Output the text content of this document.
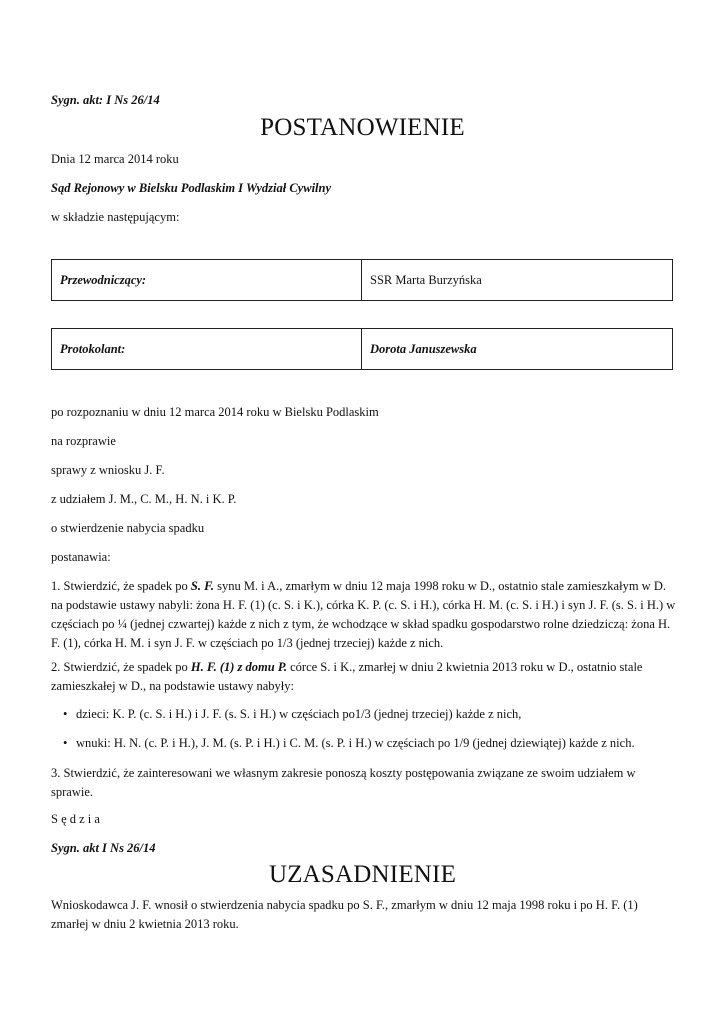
Sygn. akt: I Ns 26/14
POSTANOWIENIE
Dnia 12 marca 2014 roku
Sąd Rejonowy w Bielsku Podlaskim I Wydział Cywilny
w składzie następującym:
Przewodniczący:	SSR Marta Burzyńska
Protokolant:	Dorota Januszewska
po rozpoznaniu w dniu 12 marca 2014 roku w Bielsku Podlaskim
na rozprawie
sprawy z wniosku J. F.
z udziałem J. M., C. M., H. N. i K. P.
o stwierdzenie nabycia spadku
postanawia:
1. Stwierdzić, że spadek po S. F. synu M. i A., zmarłym w dniu 12 maja 1998 roku w D., ostatnio stale zamieszkałym w D. na podstawie ustawy nabyli: żona H. F. (1) (c. S. i K.), córka K. P. (c. S. i H.), córka H. M. (c. S. i H.) i syn J. F. (s. S. i H.) w częściach po ¼ (jednej czwartej) każde z nich z tym, że wchodzące w skład spadku gospodarstwo rolne dziedziczą: żona H. F. (1), córka H. M. i syn J. F. w częściach po 1/3 (jednej trzeciej) każde z nich.
2. Stwierdzić, że spadek po H. F. (1) z domu P. córce S. i K., zmarłej w dniu 2 kwietnia 2013 roku w D., ostatnio stale zamieszkałej w D., na podstawie ustawy nabyły:
• dzieci: K. P. (c. S. i H.) i J. F. (s. S. i H.) w częściach po1/3 (jednej trzeciej) każde z nich,
• wnuki: H. N. (c. P. i H.), J. M. (s. P. i H.) i C. M. (s. P. i H.) w częściach po 1/9 (jednej dziewiątej) każde z nich.
3. Stwierdzić, że zainteresowani we własnym zakresie ponoszą koszty postępowania związane ze swoim udziałem w sprawie.
S ę d z i a
Sygn. akt I Ns 26/14
UZASADNIENIE
Wnioskodawca J. F. wnosił o stwierdzenia nabycia spadku po S. F., zmarłym w dniu 12 maja 1998 roku i po H. F. (1) zmarłej w dniu 2 kwietnia 2013 roku.
